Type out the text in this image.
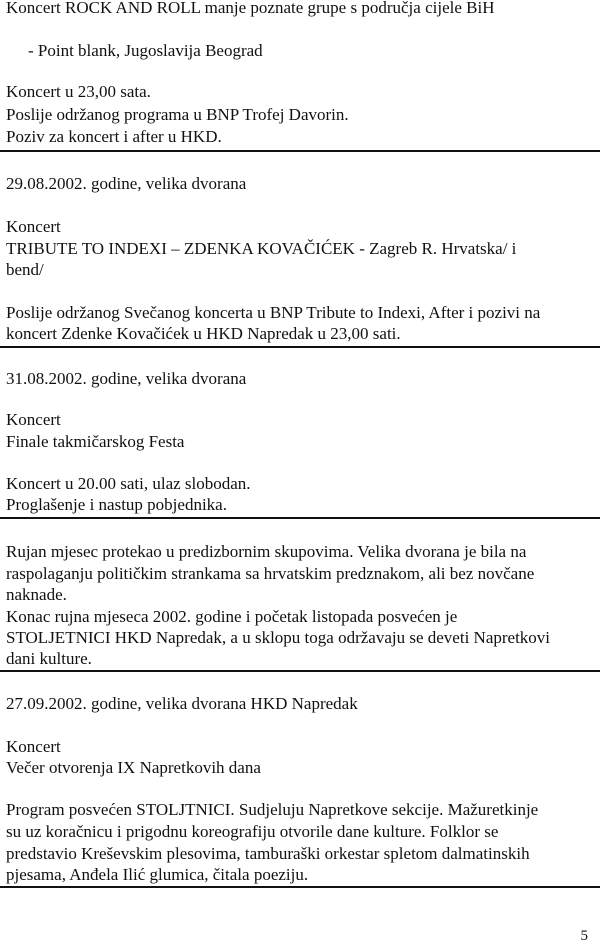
Koncert ROCK AND ROLL manje poznate grupe s područja cijele BiH
- Point blank, Jugoslavija Beograd
Koncert u 23,00 sata.
Poslije održanog programa u BNP Trofej Davorin.
Poziv za koncert i after u HKD.
29.08.2002. godine, velika dvorana
Koncert
TRIBUTE TO INDEXI – ZDENKA KOVAČIĆEK - Zagreb R. Hrvatska/ i
bend/
Poslije održanog Svečanog koncerta u BNP Tribute to Indexi, After i pozivi na
koncert Zdenke Kovačićek u HKD Napredak u 23,00 sati.
31.08.2002. godine, velika dvorana
Koncert
Finale takmičarskog Festa
Koncert u 20.00 sati, ulaz slobodan.
Proglašenje i nastup pobjednika.
Rujan mjesec protekao u predizbornim skupovima. Velika dvorana je bila na
raspolaganju političkim strankama sa hrvatskim predznakom, ali bez novčane
naknade.
Konac rujna mjeseca 2002. godine i početak listopada posvećen je
STOLJETNICI HKD Napredak, a u sklopu toga održavaju se deveti Napretkovi
dani kulture.
27.09.2002. godine, velika dvorana HKD Napredak
Koncert
Večer otvorenja IX Napretkovih dana
Program posvećen STOLJTNICI. Sudjeluju Napretkove sekcije. Mažuretkinje
su uz koračnicu i prigodnu koreografiju otvorile dane kulture. Folklor se
predstavio Kreševskim plesovima, tamburaški orkestar spletom dalmatinskih
pjesama, Anđela Ilić glumica, čitala poeziju.
5
